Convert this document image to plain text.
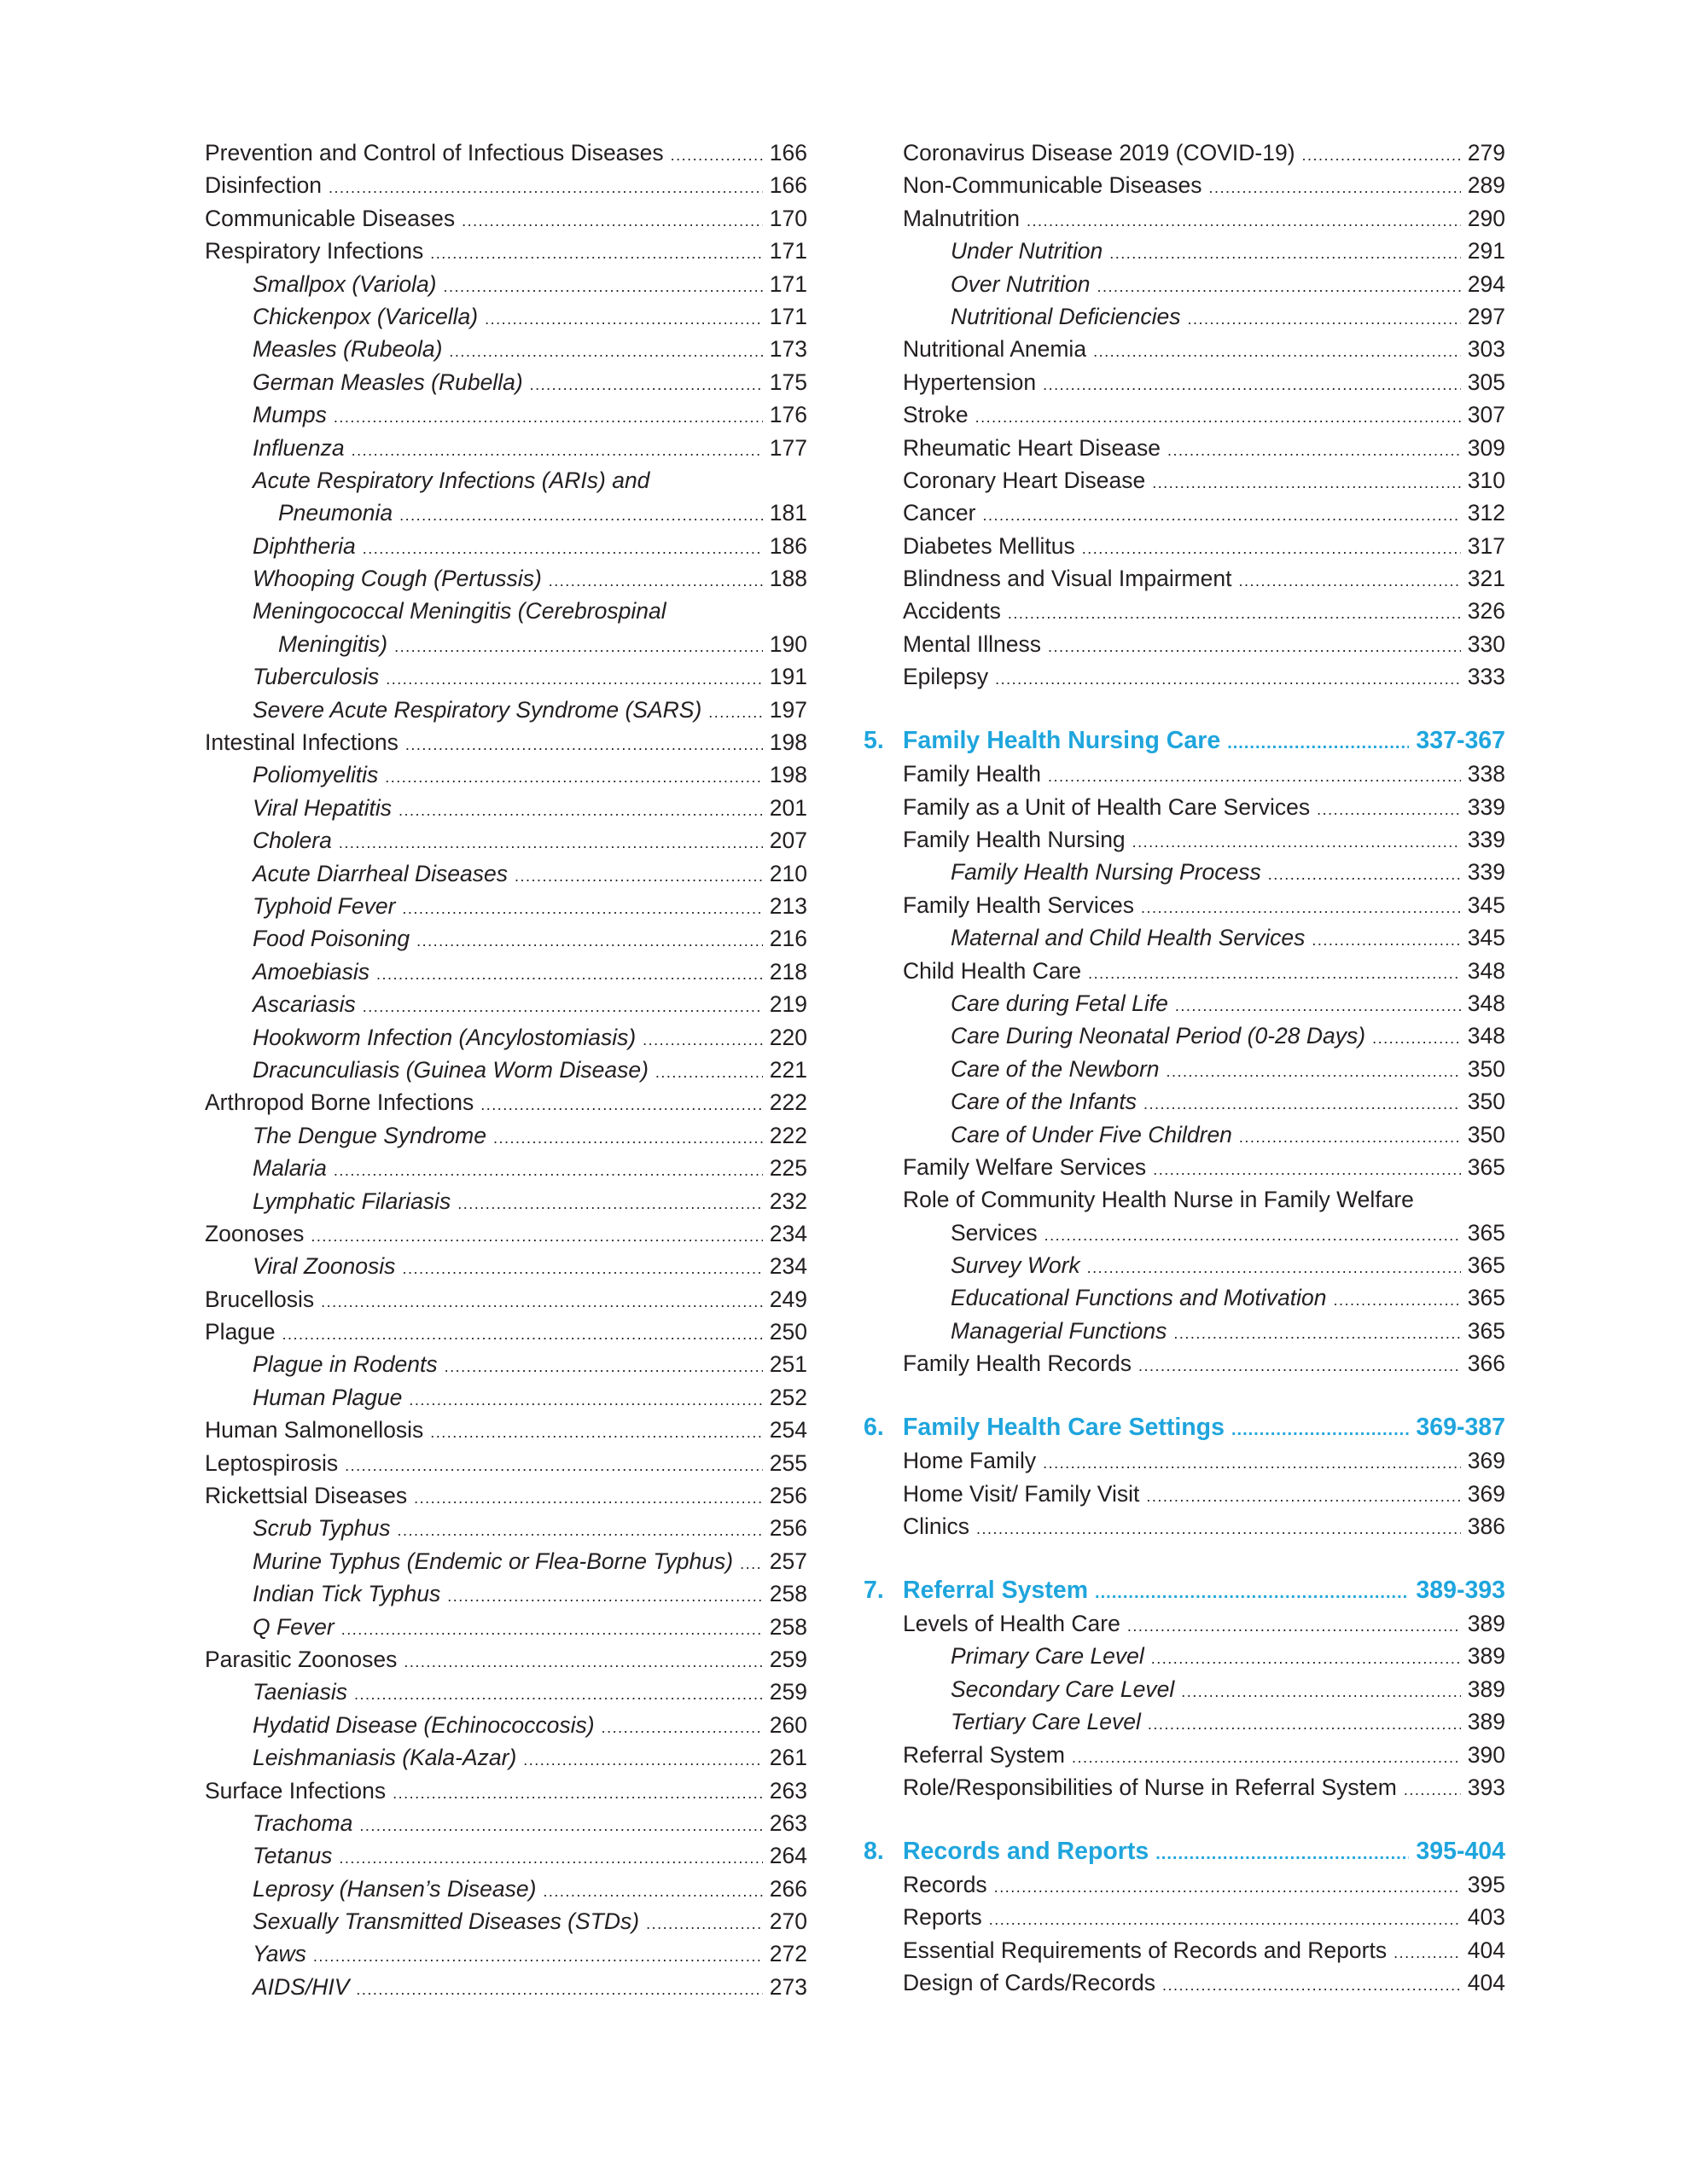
Prevention and Control of Infectious Diseases .....	166
Disinfection .....	166
Communicable Diseases .....	170
Respiratory Infections .....	171
Smallpox (Variola) .....	171
Chickenpox (Varicella) .....	171
Measles (Rubeola) .....	173
German Measles (Rubella) .....	175
Mumps .....	176
Influenza .....	177
Acute Respiratory Infections (ARIs) and
Pneumonia .....	181
Diphtheria .....	186
Whooping Cough (Pertussis) .....	188
Meningococcal Meningitis (Cerebrospinal
Meningitis) .....	190
Tuberculosis .....	191
Severe Acute Respiratory Syndrome (SARS) .....	197
Intestinal Infections .....	198
Poliomyelitis .....	198
Viral Hepatitis .....	201
Cholera .....	207
Acute Diarrheal Diseases .....	210
Typhoid Fever .....	213
Food Poisoning .....	216
Amoebiasis .....	218
Ascariasis .....	219
Hookworm Infection (Ancylostomiasis) .....	220
Dracunculiasis (Guinea Worm Disease) .....	221
Arthropod Borne Infections .....	222
The Dengue Syndrome .....	222
Malaria .....	225
Lymphatic Filariasis .....	232
Zoonoses .....	234
Viral Zoonosis .....	234
Brucellosis .....	249
Plague .....	250
Plague in Rodents .....	251
Human Plague .....	252
Human Salmonellosis .....	254
Leptospirosis .....	255
Rickettsial Diseases .....	256
Scrub Typhus .....	256
Murine Typhus (Endemic or Flea-Borne Typhus) .....	257
Indian Tick Typhus .....	258
Q Fever .....	258
Parasitic Zoonoses .....	259
Taeniasis .....	259
Hydatid Disease (Echinococcosis) .....	260
Leishmaniasis (Kala-Azar) .....	261
Surface Infections .....	263
Trachoma .....	263
Tetanus .....	264
Leprosy (Hansen’s Disease) .....	266
Sexually Transmitted Diseases (STDs) .....	270
Yaws .....	272
AIDS/HIV .....	273
Coronavirus Disease 2019 (COVID-19) .....	279
Non-Communicable Diseases .....	289
Malnutrition .....	290
Under Nutrition .....	291
Over Nutrition .....	294
Nutritional Deficiencies .....	297
Nutritional Anemia .....	303
Hypertension .....	305
Stroke .....	307
Rheumatic Heart Disease .....	309
Coronary Heart Disease .....	310
Cancer .....	312
Diabetes Mellitus .....	317
Blindness and Visual Impairment .....	321
Accidents .....	326
Mental Illness .....	330
Epilepsy .....	333
5. Family Health Nursing Care .....	337-367
Family Health .....	338
Family as a Unit of Health Care Services .....	339
Family Health Nursing .....	339
Family Health Nursing Process .....	339
Family Health Services .....	345
Maternal and Child Health Services .....	345
Child Health Care .....	348
Care during Fetal Life .....	348
Care During Neonatal Period (0-28 Days) .....	348
Care of the Newborn .....	350
Care of the Infants .....	350
Care of Under Five Children .....	350
Family Welfare Services .....	365
Role of Community Health Nurse in Family Welfare
Services .....	365
Survey Work .....	365
Educational Functions and Motivation .....	365
Managerial Functions .....	365
Family Health Records .....	366
6. Family Health Care Settings .....	369-387
Home Family .....	369
Home Visit/ Family Visit .....	369
Clinics .....	386
7. Referral System .....	389-393
Levels of Health Care .....	389
Primary Care Level .....	389
Secondary Care Level .....	389
Tertiary Care Level .....	389
Referral System .....	390
Role/Responsibilities of Nurse in Referral System .....	393
8. Records and Reports .....	395-404
Records .....	395
Reports .....	403
Essential Requirements of Records and Reports .....	404
Design of Cards/Records .....	404
